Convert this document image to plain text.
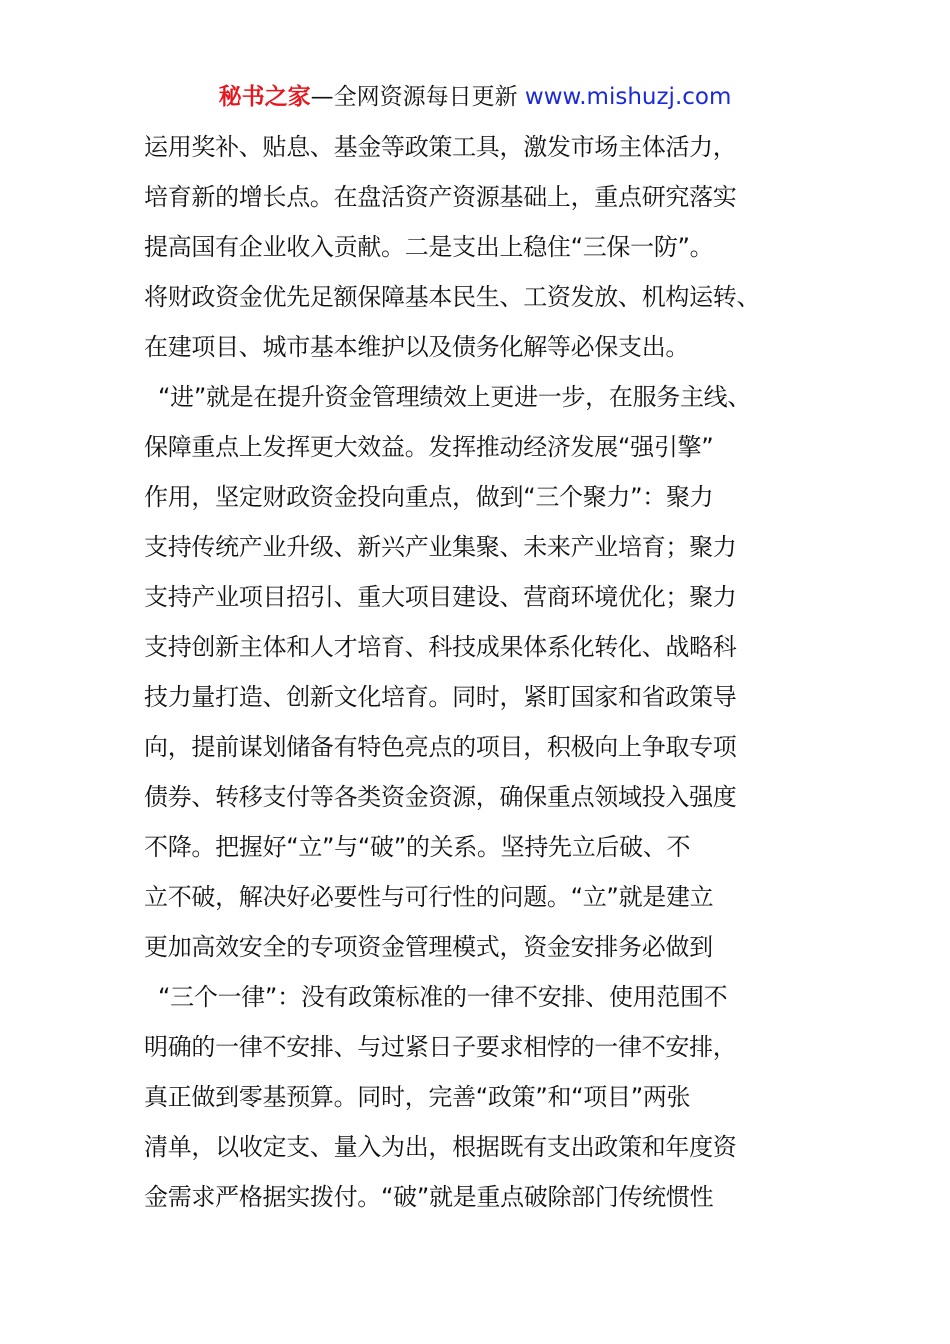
秘书之家—全网资源每日更新 www.mishuzj.com
运用奖补、贴息、基金等政策工具，激发市场主体活力，
培育新的增长点。在盘活资产资源基础上，重点研究落实
提高国有企业收入贡献。二是支出上稳住“三保一防”。
将财政资金优先足额保障基本民生、工资发放、机构运转、
在建项目、城市基本维护以及债务化解等必保支出。
“进”就是在提升资金管理绩效上更进一步，在服务主线、
保障重点上发挥更大效益。发挥推动经济发展“强引擎”
作用，坚定财政资金投向重点，做到“三个聚力”：聚力
支持传统产业升级、新兴产业集聚、未来产业培育；聚力
支持产业项目招引、重大项目建设、营商环境优化；聚力
支持创新主体和人才培育、科技成果体系化转化、战略科
技力量打造、创新文化培育。同时，紧盯国家和省政策导
向，提前谋划储备有特色亮点的项目，积极向上争取专项
债券、转移支付等各类资金资源，确保重点领域投入强度
不降。把握好“立”与“破”的关系。坚持先立后破、不
立不破，解决好必要性与可行性的问题。“立”就是建立
更加高效安全的专项资金管理模式，资金安排务必做到
“三个一律”：没有政策标准的一律不安排、使用范围不
明确的一律不安排、与过紧日子要求相悖的一律不安排，
真正做到零基预算。同时，完善“政策”和“项目”两张
清单，以收定支、量入为出，根据既有支出政策和年度资
金需求严格据实拨付。“破”就是重点破除部门传统惯性
